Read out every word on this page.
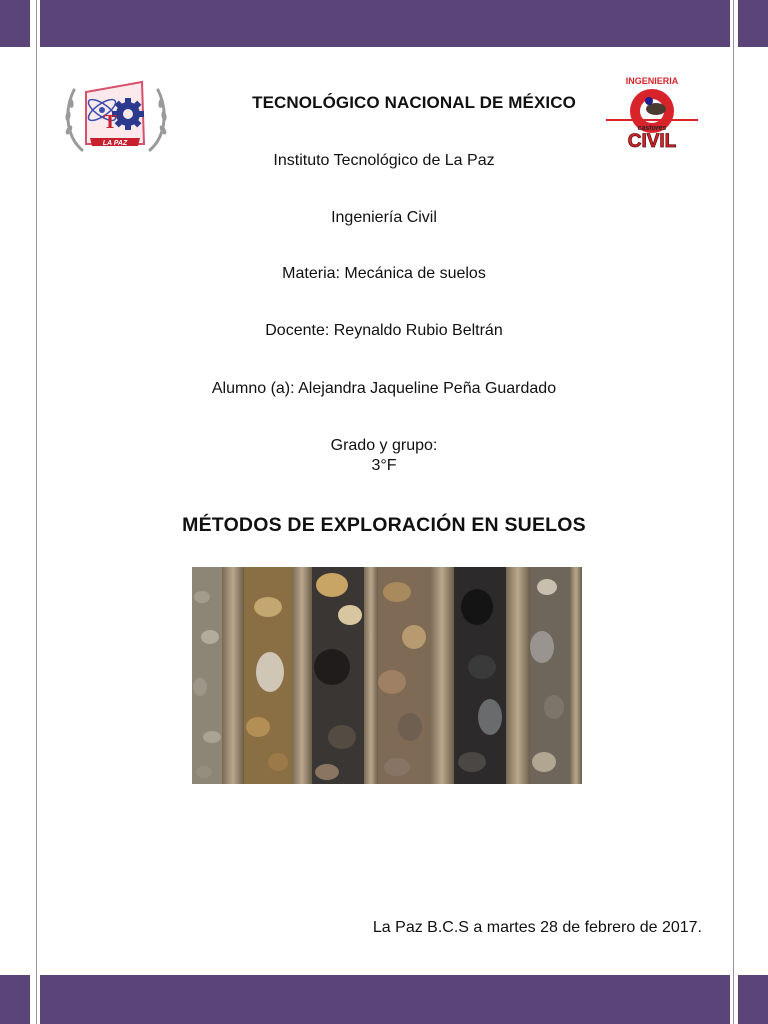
T
LA PAZ
INGENIERIA
castores
CIVIL
TECNOLÓGICO NACIONAL DE MÉXICO
Instituto Tecnológico de La Paz
Ingeniería Civil
Materia: Mecánica de suelos
Docente: Reynaldo Rubio Beltrán
Alumno (a): Alejandra Jaqueline Peña Guardado
Grado y grupo:
3°F
MÉTODOS DE EXPLORACIÓN EN SUELOS
La Paz B.C.S a martes 28 de febrero de 2017.
